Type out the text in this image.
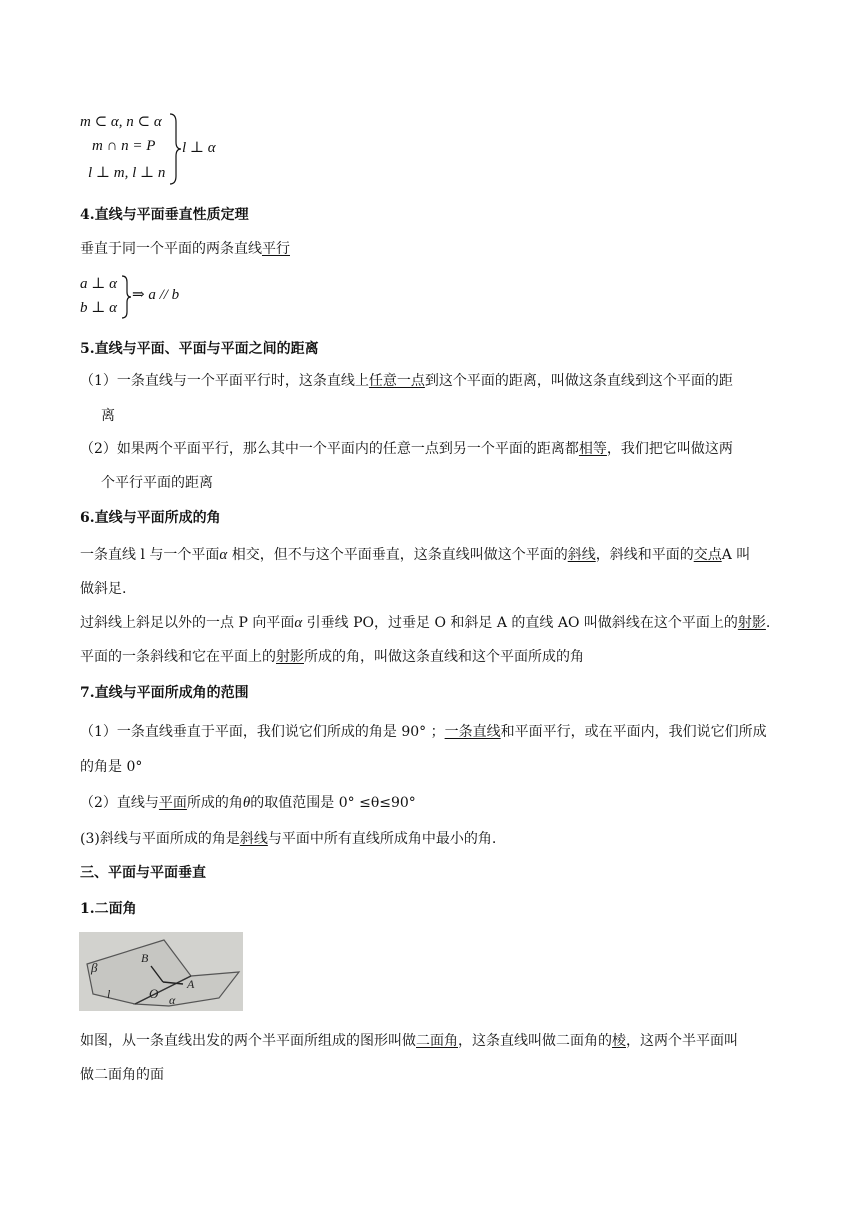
m ⊂ α, n ⊂ α
m ∩ n = P
l ⊥ m, l ⊥ n
l ⊥ α
4.直线与平面垂直性质定理
垂直于同一个平面的两条直线平行
a ⊥ α
b ⊥ α
⇒ a // b
5.直线与平面、平面与平面之间的距离
（1）一条直线与一个平面平行时，这条直线上任意一点到这个平面的距离，叫做这条直线到这个平面的距
离
（2）如果两个平面平行，那么其中一个平面内的任意一点到另一个平面的距离都相等，我们把它叫做这两
个平行平面的距离
6.直线与平面所成的角
一条直线 l 与一个平面α 相交，但不与这个平面垂直，这条直线叫做这个平面的斜线，斜线和平面的交点A 叫
做斜足.
过斜线上斜足以外的一点 P 向平面α 引垂线 PO，过垂足 O 和斜足 A 的直线 AO 叫做斜线在这个平面上的射影.
平面的一条斜线和它在平面上的射影所成的角，叫做这条直线和这个平面所成的角
7.直线与平面所成角的范围
（1）一条直线垂直于平面，我们说它们所成的角是 90° ；一条直线和平面平行，或在平面内，我们说它们所成
的角是 0°
（2）直线与平面所成的角θ的取值范围是 0° ≤θ≤90°
(3)斜线与平面所成的角是斜线与平面中所有直线所成角中最小的角.
三、平面与平面垂直
1.二面角
β
B
l	O
A
α
如图，从一条直线出发的两个半平面所组成的图形叫做二面角，这条直线叫做二面角的棱，这两个半平面叫
做二面角的面
